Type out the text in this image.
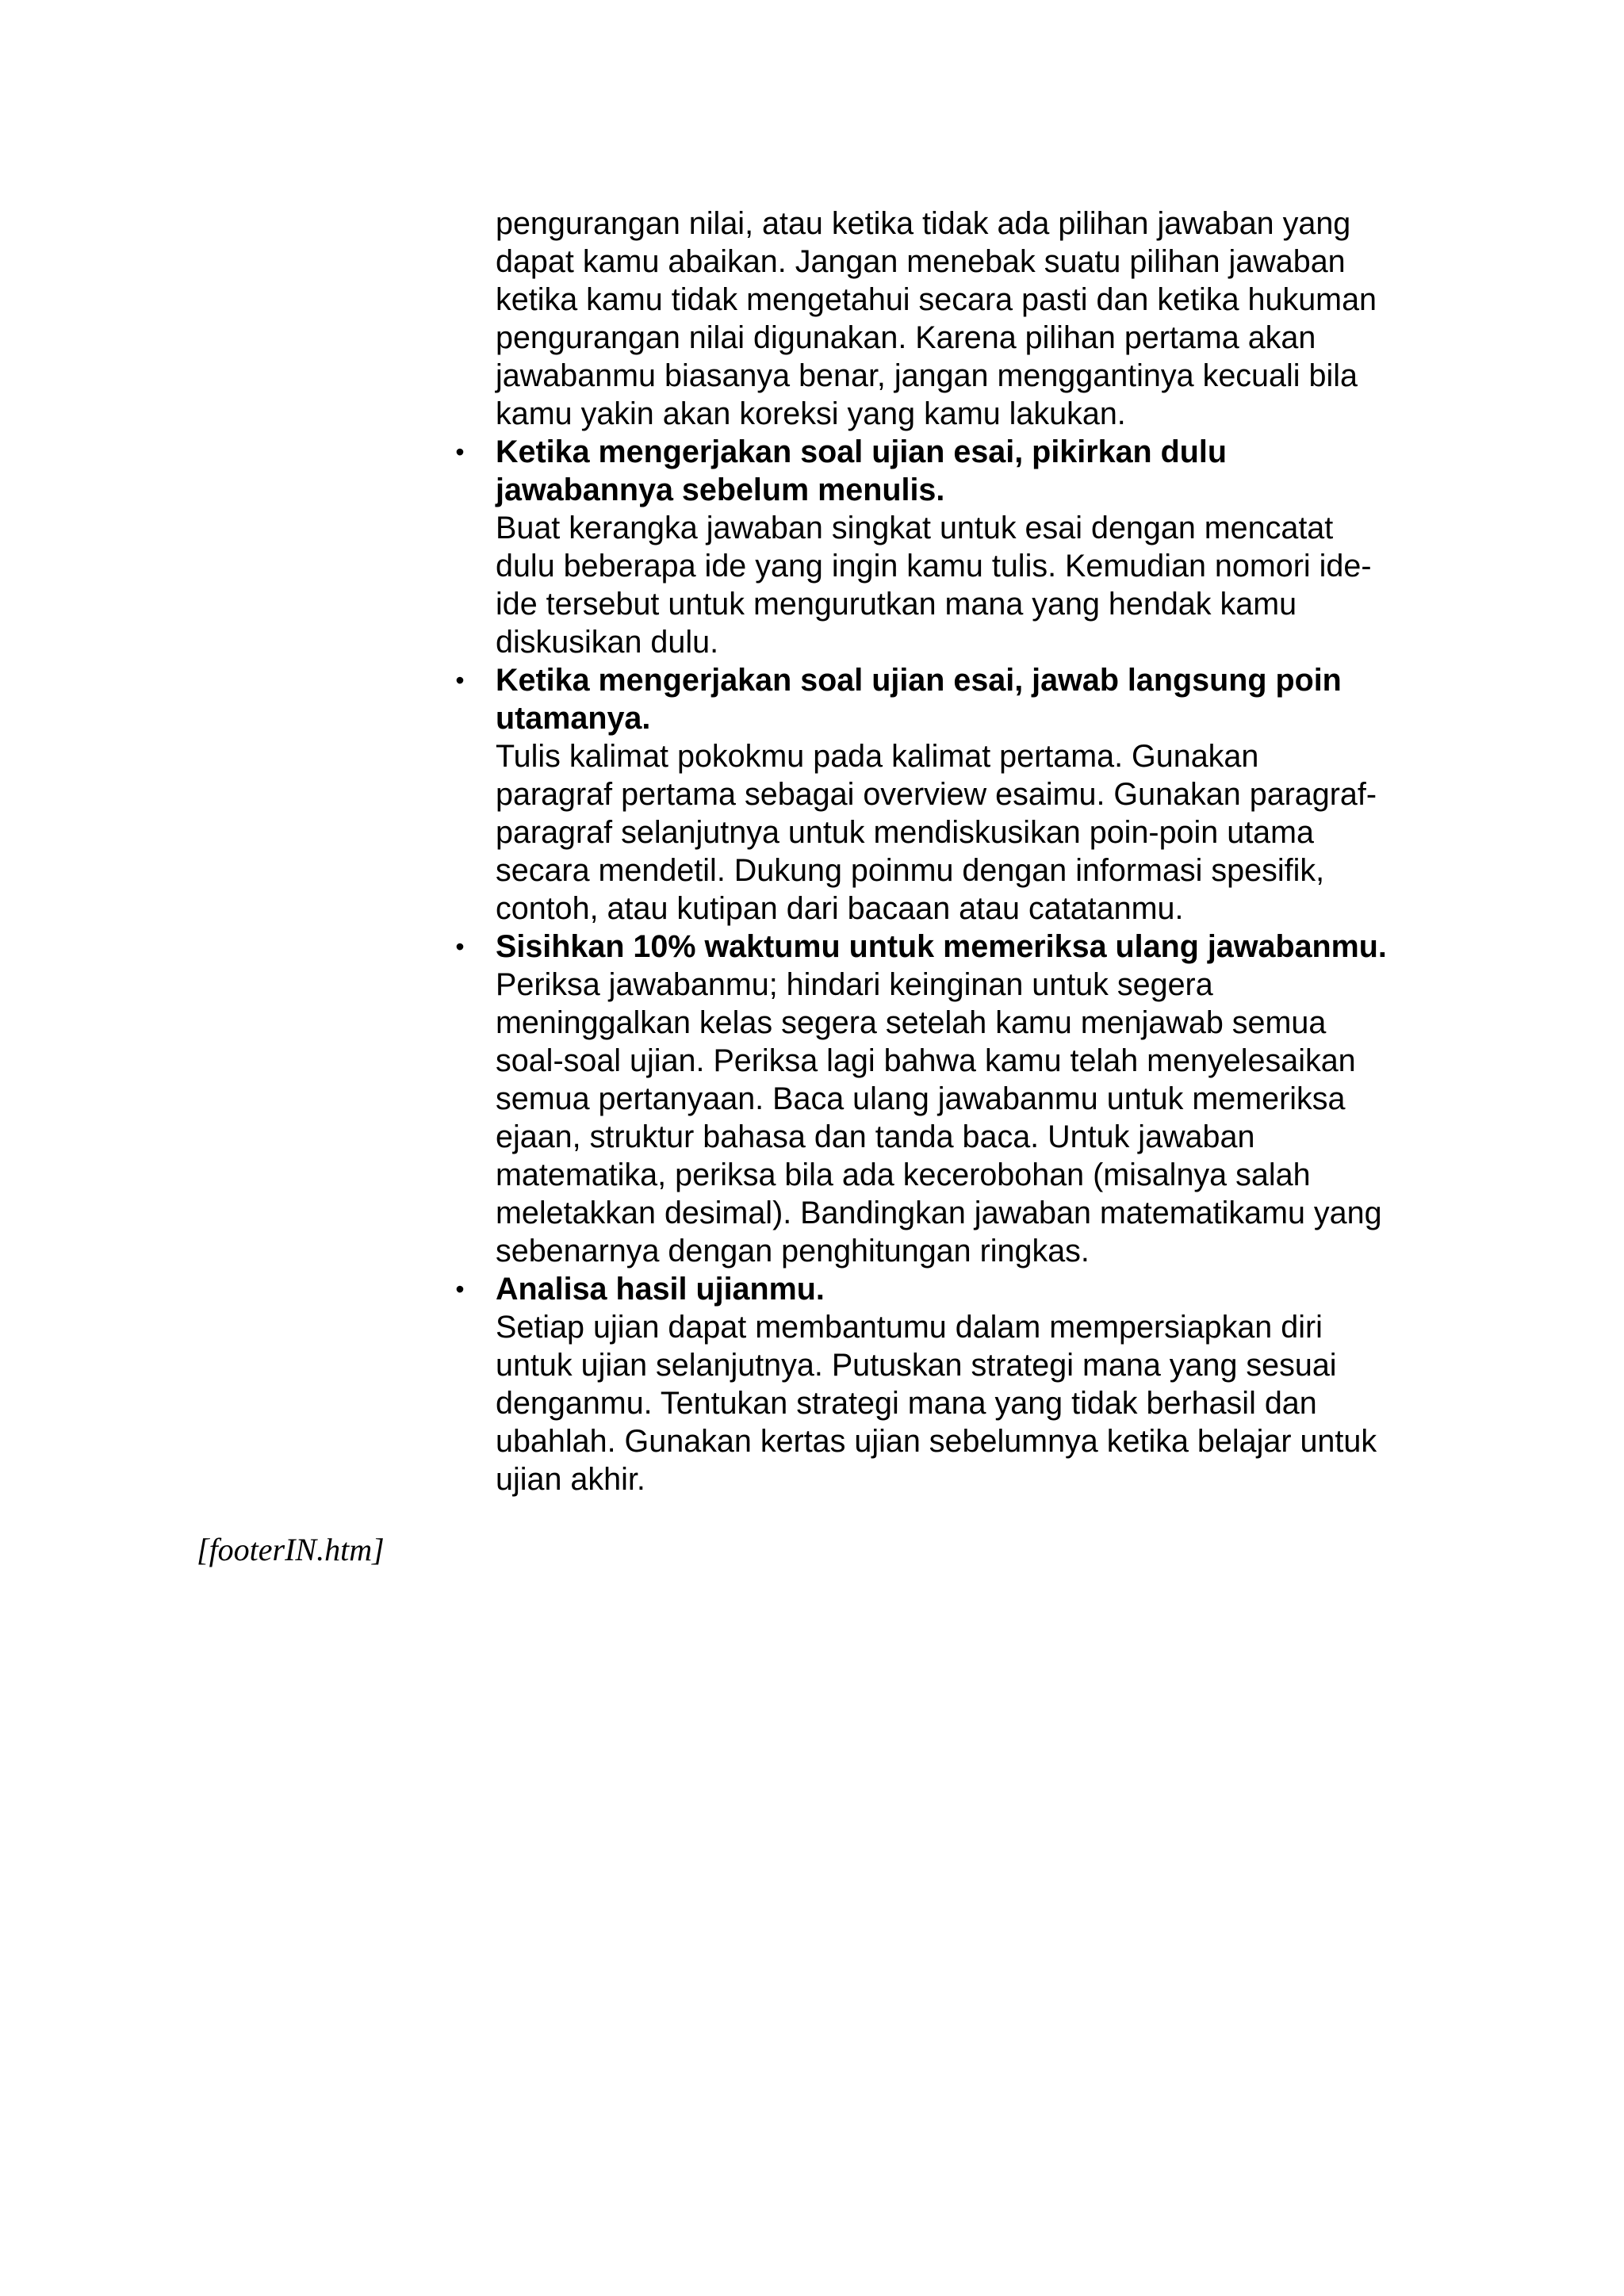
pengurangan nilai, atau ketika tidak ada pilihan jawaban yang
dapat kamu abaikan. Jangan menebak suatu pilihan jawaban
ketika kamu tidak mengetahui secara pasti dan ketika hukuman
pengurangan nilai digunakan. Karena pilihan pertama akan
jawabanmu biasanya benar, jangan menggantinya kecuali bila
kamu yakin akan koreksi yang kamu lakukan.

• Ketika mengerjakan soal ujian esai, pikirkan dulu
jawabannya sebelum menulis.
Buat kerangka jawaban singkat untuk esai dengan mencatat
dulu beberapa ide yang ingin kamu tulis. Kemudian nomori ide-
ide tersebut untuk mengurutkan mana yang hendak kamu
diskusikan dulu.
• Ketika mengerjakan soal ujian esai, jawab langsung poin
utamanya.
Tulis kalimat pokokmu pada kalimat pertama. Gunakan
paragraf pertama sebagai overview esaimu. Gunakan paragraf-
paragraf selanjutnya untuk mendiskusikan poin-poin utama
secara mendetil. Dukung poinmu dengan informasi spesifik,
contoh, atau kutipan dari bacaan atau catatanmu.
• Sisihkan 10% waktumu untuk memeriksa ulang jawabanmu.
Periksa jawabanmu; hindari keinginan untuk segera
meninggalkan kelas segera setelah kamu menjawab semua
soal-soal ujian. Periksa lagi bahwa kamu telah menyelesaikan
semua pertanyaan. Baca ulang jawabanmu untuk memeriksa
ejaan, struktur bahasa dan tanda baca. Untuk jawaban
matematika, periksa bila ada kecerobohan (misalnya salah
meletakkan desimal). Bandingkan jawaban matematikamu yang
sebenarnya dengan penghitungan ringkas.
• Analisa hasil ujianmu.
Setiap ujian dapat membantumu dalam mempersiapkan diri
untuk ujian selanjutnya. Putuskan strategi mana yang sesuai
denganmu. Tentukan strategi mana yang tidak berhasil dan
ubahlah. Gunakan kertas ujian sebelumnya ketika belajar untuk
ujian akhir.
[footerIN.htm]
